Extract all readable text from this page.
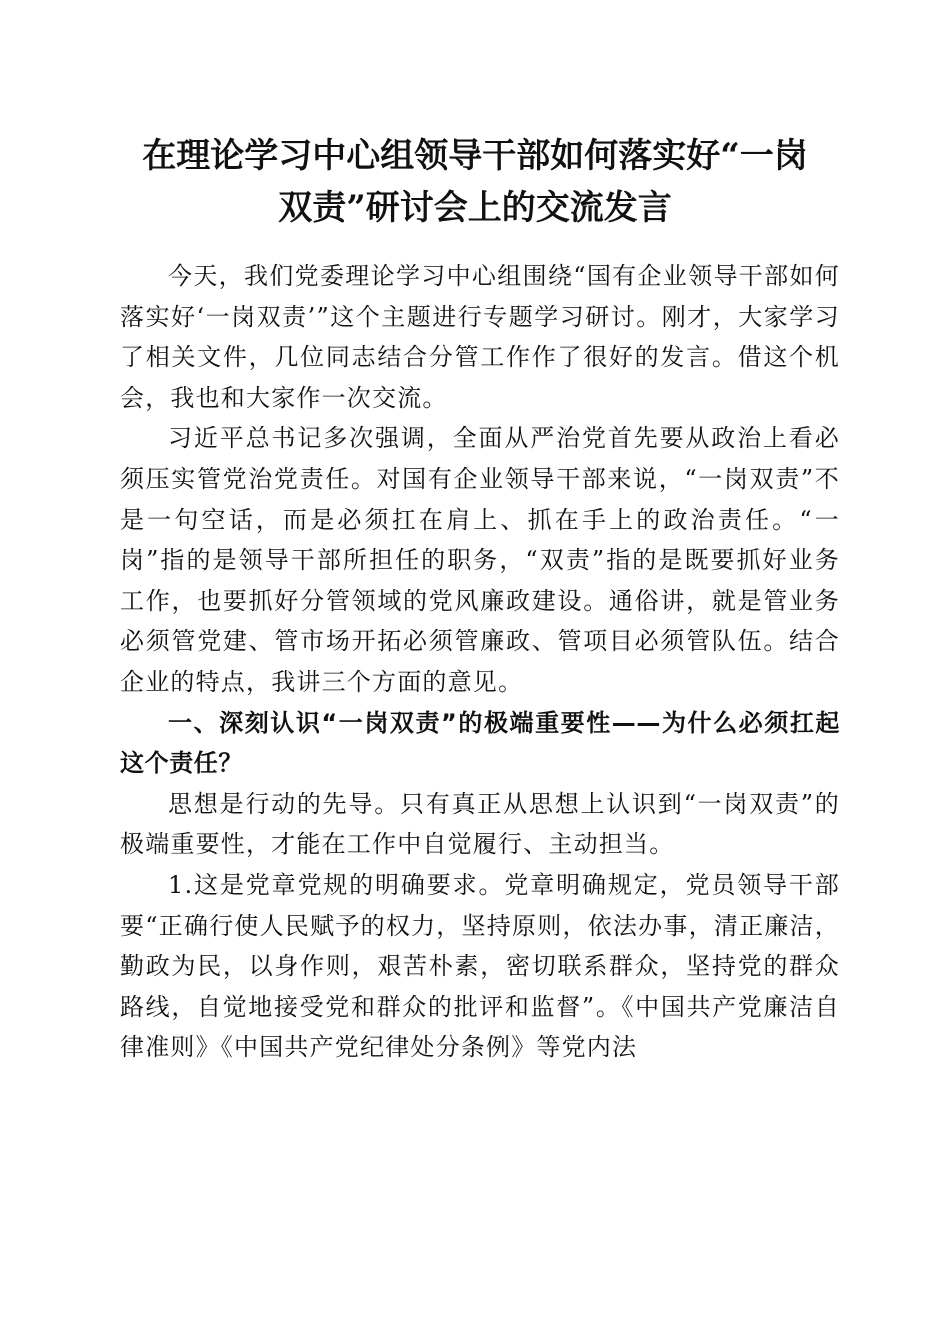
在理论学习中心组领导干部如何落实好“一岗
双责”研讨会上的交流发言

今天，我们党委理论学习中心组围绕“国有企业领导干部如何落实好‘一岗双责’”这个主题进行专题学习研讨。刚才，大家学习了相关文件，几位同志结合分管工作作了很好的发言。借这个机会，我也和大家作一次交流。

习近平总书记多次强调，全面从严治党首先要从政治上看必须压实管党治党责任。对国有企业领导干部来说，“一岗双责”不是一句空话，而是必须扛在肩上、抓在手上的政治责任。“一岗”指的是领导干部所担任的职务，“双责”指的是既要抓好业务工作，也要抓好分管领域的党风廉政建设。通俗讲，就是管业务必须管党建、管市场开拓必须管廉政、管项目必须管队伍。结合企业的特点，我讲三个方面的意见。

一、深刻认识“一岗双责”的极端重要性——为什么必须扛起这个责任？

思想是行动的先导。只有真正从思想上认识到“一岗双责”的极端重要性，才能在工作中自觉履行、主动担当。

1.这是党章党规的明确要求。党章明确规定，党员领导干部要“正确行使人民赋予的权力，坚持原则，依法办事，清正廉洁，勤政为民，以身作则，艰苦朴素，密切联系群众，坚持党的群众路线，自觉地接受党和群众的批评和监督”。《中国共产党廉洁自律准则》《中国共产党纪律处分条例》等党内法
